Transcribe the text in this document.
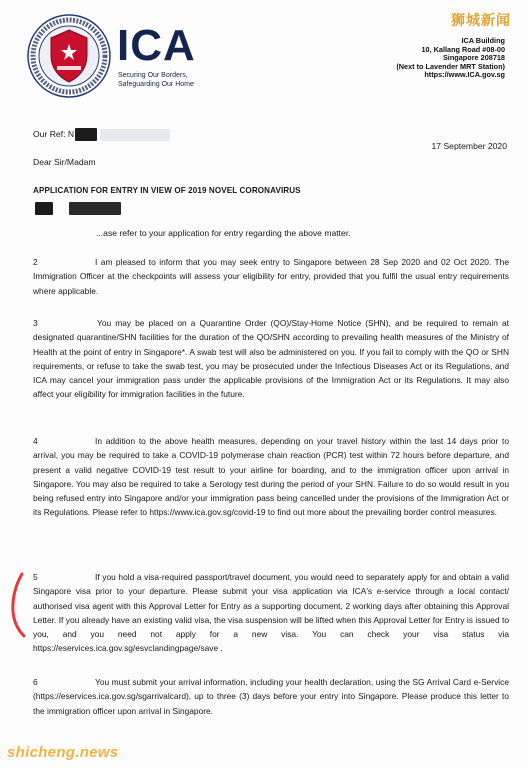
ICA
Securing Our Borders,
Safeguarding Our Home
狮城新闻
ICA Building
10, Kallang Road #08-00
Singapore 208718
(Next to Lavender MRT Station)
https://www.ICA.gov.sg
Our Ref: N
17 September 2020
Dear Sir/Madam
APPLICATION FOR ENTRY IN VIEW OF 2019 NOVEL CORONAVIRUS

...ase refer to your application for entry regarding the above matter.
2	I am pleased to inform that you may seek entry to Singapore between 28 Sep 2020 and 02 Oct 2020. The Immigration Officer at the checkpoints will assess your eligibility for entry, provided that you fulfil the usual entry requirements where applicable.
3	You may be placed on a Quarantine Order (QO)/Stay-Home Notice (SHN), and be required to remain at designated quarantine/SHN facilities for the duration of the QO/SHN according to prevailing health measures of the Ministry of Health at the point of entry in Singapore*. A swab test will also be administered on you. If you fail to comply with the QO or SHN requirements, or refuse to take the swab test, you may be prosecuted under the Infectious Diseases Act or its Regulations, and ICA may cancel your immigration pass under the applicable provisions of the Immigration Act or its Regulations. It may also affect your eligibility for immigration facilities in the future.
4	In addition to the above health measures, depending on your travel history within the last 14 days prior to arrival, you may be required to take a COVID-19 polymerase chain reaction (PCR) test within 72 hours before departure, and present a valid negative COVID-19 test result to your airline for boarding, and to the immigration officer upon arrival in Singapore. You may also be required to take a Serology test during the period of your SHN. Failure to do so would result in you being refused entry into Singapore and/or your immigration pass being cancelled under the provisions of the Immigration Act or its Regulations. Please refer to https://www.ica.gov.sg/covid-19 to find out more about the prevailing border control measures.
5	If you hold a visa-required passport/travel document, you would need to separately apply for and obtain a valid Singapore visa prior to your departure. Please submit your visa application via ICA's e-service through a local contact/ authorised visa agent with this Approval Letter for Entry as a supporting document, 2 working days after obtaining this Approval Letter. If you already have an existing valid visa, the visa suspension will be lifted when this Approval Letter for Entry is issued to you, and you need not apply for a new visa. You can check your visa status via https://eservices.ica.gov.sg/esvclandingpage/save .
6	You must submit your arrival information, including your health declaration, using the SG Arrival Card e-Service (https://eservices.ica.gov.sg/sgarrivalcard), up to three (3) days before your entry into Singapore. Please produce this letter to the immigration officer upon arrival in Singapore.
shicheng.news
